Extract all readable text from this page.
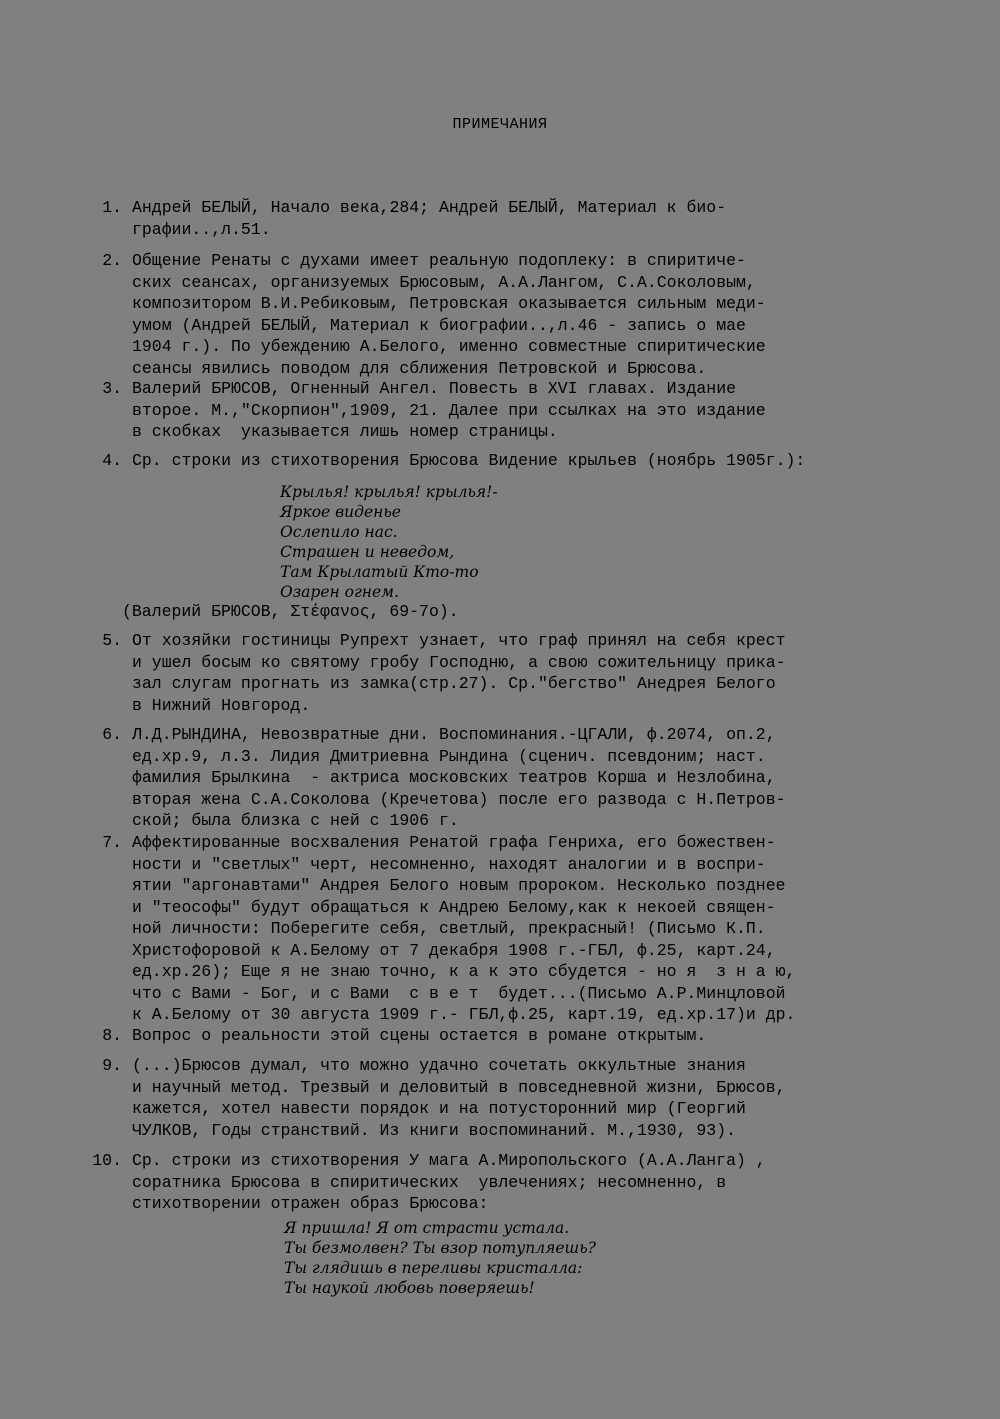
ПРИМЕЧАНИЯ
1. Андрей БЕЛЫЙ, Начало века,284; Андрей БЕЛЫЙ, Материал к био-
графии..,л.51.
2. Общение Ренаты с духами имеет реальную подоплеку: в спиритиче-
ских сеансах, организуемых Брюсовым, А.А.Лангом, С.А.Соколовым,
композитором В.И.Ребиковым, Петровская оказывается сильным меди-
умом (Андрей БЕЛЫЙ, Материал к биографии..,л.46 - запись о мае
1904 г.). По убеждению А.Белого, именно совместные спиритические
сеансы явились поводом для сближения Петровской и Брюсова.
3. Валерий БРЮСОВ, Огненный Ангел. Повесть в XVI главах. Издание
второе. М.,"Скорпион",1909, 21. Далее при ссылках на это издание
в скобках  указывается лишь номер страницы.
4. Ср. строки из стихотворения Брюсова Видение крыльев (ноябрь 1905г.):
Крылья! крылья! крылья!-
Яркое виденье
Ослепило нас.
Страшен и неведом,
Там Крылатый Кто-то
Озарен огнем.
(Валерий БРЮСОВ, Στέφανος, 69-7о).
5. От хозяйки гостиницы Рупрехт узнает, что граф принял на себя крест
и ушел босым ко святому гробу Господню, а свою сожительницу прика-
зал слугам прогнать из замка(стр.27). Ср."бегство" Анедрея Белого
в Нижний Новгород.
6. Л.Д.РЫНДИНА, Невозвратные дни. Воспоминания.-ЦГАЛИ, ф.2074, оп.2,
ед.хр.9, л.3. Лидия Дмитриевна Рындина (сценич. псевдоним; наст.
фамилия Брылкина  - актриса московских театров Корша и Незлобина,
вторая жена С.А.Соколова (Кречетова) после его развода с Н.Петров-
ской; была близка с ней с 1906 г.
7. Аффектированные восхваления Ренатой графа Генриха, его божествен-
ности и "светлых" черт, несомненно, находят аналогии и в воспри-
ятии "аргонавтами" Андрея Белого новым пророком. Несколько позднее
и "теософы" будут обращаться к Андрею Белому,как к некоей священ-
ной личности: Поберегите себя, светлый, прекрасный! (Письмо К.П.
Христофоровой к А.Белому от 7 декабря 1908 г.-ГБЛ, ф.25, карт.24,
ед.хр.26); Еще я не знаю точно, к а к это сбудется - но я  з н а ю,
что с Вами - Бог, и с Вами  с в е т  будет...(Письмо А.Р.Минцловой
к А.Белому от 30 августа 1909 г.- ГБЛ,ф.25, карт.19, ед.хр.17)и др.
8. Вопрос о реальности этой сцены остается в романе открытым.
9. (...)Брюсов думал, что можно удачно сочетать оккультные знания
и научный метод. Трезвый и деловитый в повседневной жизни, Брюсов,
кажется, хотел навести порядок и на потусторонний мир (Георгий
ЧУЛКОВ, Годы странствий. Из книги воспоминаний. М.,1930, 93).
10. Ср. строки из стихотворения У мага А.Миропольского (А.А.Ланга) ,
соратника Брюсова в спиритических  увлечениях; несомненно, в
стихотворении отражен образ Брюсова:
Я пришла! Я от страсти устала.
Ты безмолвен? Ты взор потупляешь?
Ты глядишь в переливы кристалла:
Ты наукой любовь поверяешь!
